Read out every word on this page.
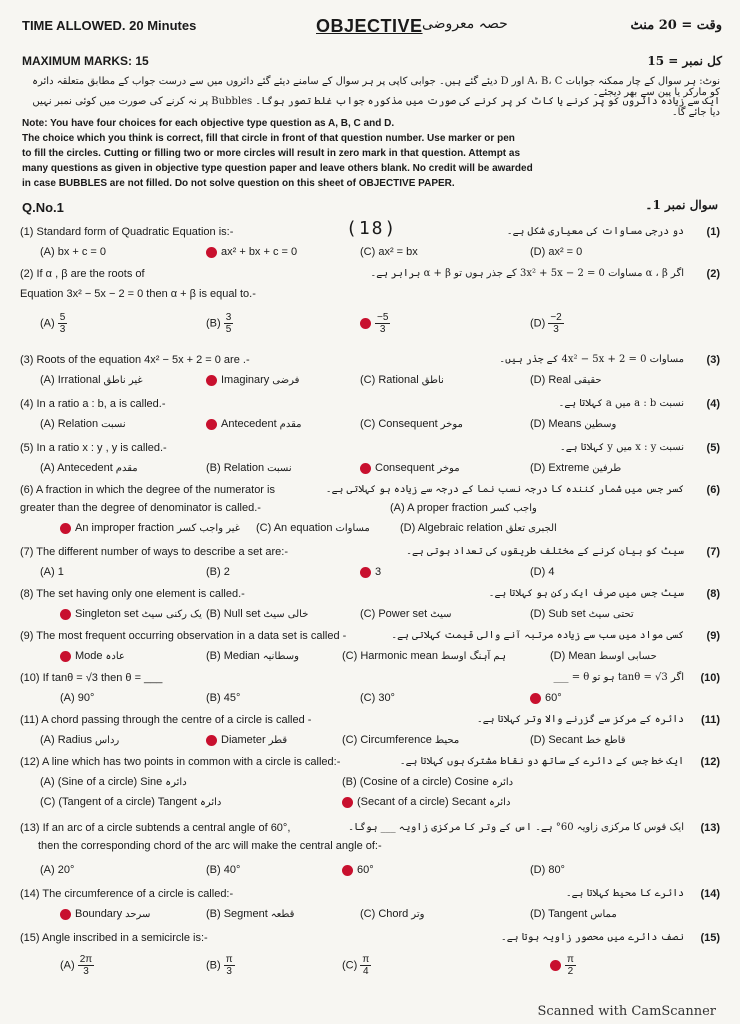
TIME ALLOWED. 20 Minutes
MAXIMUM MARKS: 15
OBJECTIVE حصہ معروضی	وقت = 20 منٹ
کل نمبر = 15
نوٹ: ہر سوال کے چار ممکنہ جوابات A، B، C اور D دیئے گئے ہیں۔ جوابی کاپی پر ہر سوال کے سامنے دیئے گئے دائروں میں سے درست جواب کے مطابق متعلقہ دائرہ کو مارکر یا پین سے بھر دیجئے۔
ایک سے زیادہ دائروں کو پر کرنے یا کاٹ کر پر کرنے کی صورت میں مذکورہ جواب غلط تصور ہوگا۔ Bubbles پر نہ کرنے کی صورت میں کوئی نمبر نہیں دیا جائے گا۔
Note: You have four choices for each objective type question as A, B, C and D.
The choice which you think is correct, fill that circle in front of that question number. Use marker or pen
to fill the circles. Cutting or filling two or more circles will result in zero mark in that question. Attempt as
many questions as given in objective type question paper and leave others blank. No credit will be awarded
in case BUBBLES are not filled. Do not solve question on this sheet of OBJECTIVE PAPER.
Q.No.1	سوال نمبر 1۔
(18)
(1) Standard form of Quadratic Equation is:-	دو درجی مساوات کی معیاری شکل ہے۔ (1)
(A) bx + c = 0	ax² + bx + c = 0	(C) ax² = bx	(D) ax² = 0
(2) If α , β are the roots of	اگر α ، β مساوات 3x² + 5x − 2 = 0 کے جذر ہوں تو α + β برابر ہے۔ (2)
Equation 3x² − 5x − 2 = 0 then α + β is equal to.-
$(A) \frac{5}{3}$	$(B) \frac{3}{5}$	$\frac{-5}{3}$	$(D) \frac{-2}{3}$
(3) Roots of the equation 4x² − 5x + 2 = 0 are .-	مساوات 4x² − 5x + 2 = 0 کے جذر ہیں۔ (3)
(A) Irrational غیر ناطق	Imaginary فرضی	(C) Rational ناطق	(D) Real حقیقی
(4) In a ratio a : b, a is called.-	نسبت a : b میں a کہلاتا ہے۔ (4)
(A) Relation نسبت	Antecedent مقدم	(C) Consequent موخر	(D) Means وسطین
(5) In a ratio x : y , y is called.-	نسبت x : y میں y کہلاتا ہے۔ (5)
(A) Antecedent مقدم	(B) Relation نسبت	Consequent موخر	(D) Extreme طرفین
(6) A fraction in which the degree of the numerator is	کسر جس میں شمار کنندہ کا درجہ نسب نما کے درجہ سے زیادہ ہو کہلاتی ہے۔ (6)
greater than the degree of denominator is called.-	(A) A proper fraction واجب کسر
An improper fraction غیر واجب کسر (C) An equation مساوات	(D) Algebraic relation الجبری تعلق
(7) The different number of ways to describe a set are:-	سیٹ کو بیان کرنے کے مختلف طریقوں کی تعداد ہوتی ہے۔ (7)
(A) 1	(B) 2	3	(D) 4
(8) The set having only one element is called.-	سیٹ جس میں صرف ایک رکن ہو کہلاتا ہے۔ (8)
Singleton set یک رکنی سیٹ (B) Null set خالی سیٹ	(C) Power set سیٹ	(D) Sub set تحتی سیٹ
(9) The most frequent occurring observation in a data set is called -	کسی مواد میں سب سے زیادہ مرتبہ آنے والی قیمت کہلاتی ہے۔ (9)
Mode عادہ	(B) Median وسطانیہ	(C) Harmonic mean ہم آہنگ اوسط	(D) Mean حسابی اوسط
(10) If tanθ = √3 then θ = ___	اگر tanθ = √3 ہو تو θ = ___ (10)
(A) 90°	(B) 45°	(C) 30°	60°
(11) A chord passing through the centre of a circle is called -	دائرہ کے مرکز سے گزرنے والا وتر کہلاتا ہے۔ (11)
(A) Radius رداس	Diameter قطر	(C) Circumference محیط	(D) Secant قاطع خط
(12) A line which has two points in common with a circle is called:-	ایک خط جس کے دائرے کے ساتھ دو نقاط مشترک ہوں کہلاتا ہے۔ (12)
(A) (Sine of a circle) Sine دائرہ	(B) (Cosine of a circle) Cosine دائرہ
(C) (Tangent of a circle) Tangent دائرہ	(Secant of a circle) Secant دائرہ
(13) If an arc of a circle subtends a central angle of 60°,	ایک قوس کا مرکزی زاویہ 60° ہے۔ اس کے وتر کا مرکزی زاویہ ___ ہوگا۔ (13)
then the corresponding chord of the arc will make the central angle of:-
(A) 20°	(B) 40°	60°	(D) 80°
(14) The circumference of a circle is called:-	دائرے کا محیط کہلاتا ہے۔ (14)
Boundary سرحد	(B) Segment قطعہ	(C) Chord وتر	(D) Tangent مماس
(15) Angle inscribed in a semicircle is:-	نصف دائرے میں محصور زاویہ ہوتا ہے۔ (15)
$(A) \frac{2\pi}{3}$	$(B) \frac{\pi}{3}$	$(C) \frac{\pi}{4}$	$\frac{\pi}{2}$
Scanned with CamScanner
